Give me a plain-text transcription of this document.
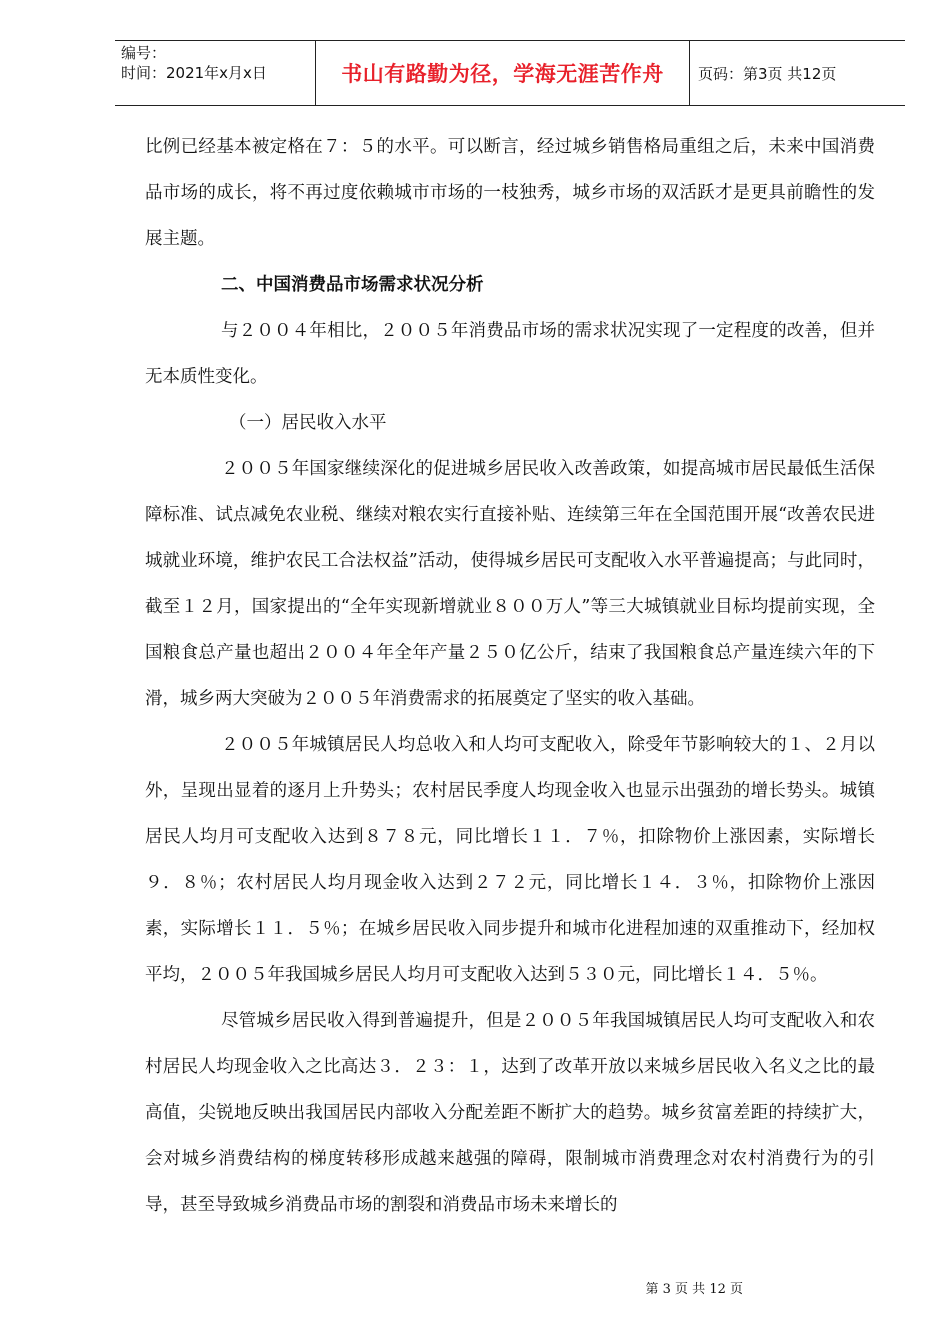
编号：
时间：2021年x月x日	书山有路勤为径，学海无涯苦作舟	页码：第3页 共12页

比例已经基本被定格在７：５的水平。可以断言，经过城乡销售格局重组之后，未来中国消费品市场的成长，将不再过度依赖城市市场的一枝独秀，城乡市场的双活跃才是更具前瞻性的发展主题。

二、中国消费品市场需求状况分析

与２００４年相比，２００５年消费品市场的需求状况实现了一定程度的改善，但并无本质性变化。

（一）居民收入水平

２００５年国家继续深化的促进城乡居民收入改善政策，如提高城市居民最低生活保障标准、试点减免农业税、继续对粮农实行直接补贴、连续第三年在全国范围开展“改善农民进城就业环境，维护农民工合法权益”活动，使得城乡居民可支配收入水平普遍提高；与此同时，截至１２月，国家提出的“全年实现新增就业８００万人”等三大城镇就业目标均提前实现，全国粮食总产量也超出２００４年全年产量２５０亿公斤，结束了我国粮食总产量连续六年的下滑，城乡两大突破为２００５年消费需求的拓展奠定了坚实的收入基础。

２００５年城镇居民人均总收入和人均可支配收入，除受年节影响较大的１、２月以外，呈现出显着的逐月上升势头；农村居民季度人均现金收入也显示出强劲的增长势头。城镇居民人均月可支配收入达到８７８元，同比增长１１．７％，扣除物价上涨因素，实际增长９．８％；农村居民人均月现金收入达到２７２元，同比增长１４．３％，扣除物价上涨因素，实际增长１１．５％；在城乡居民收入同步提升和城市化进程加速的双重推动下，经加权平均，２００５年我国城乡居民人均月可支配收入达到５３０元，同比增长１４．５％。

尽管城乡居民收入得到普遍提升，但是２００５年我国城镇居民人均可支配收入和农村居民人均现金收入之比高达３．２３：１，达到了改革开放以来城乡居民收入名义之比的最高值，尖锐地反映出我国居民内部收入分配差距不断扩大的趋势。城乡贫富差距的持续扩大，会对城乡消费结构的梯度转移形成越来越强的障碍，限制城市消费理念对农村消费行为的引导，甚至导致城乡消费品市场的割裂和消费品市场未来增长的

第 3 页 共 12 页
